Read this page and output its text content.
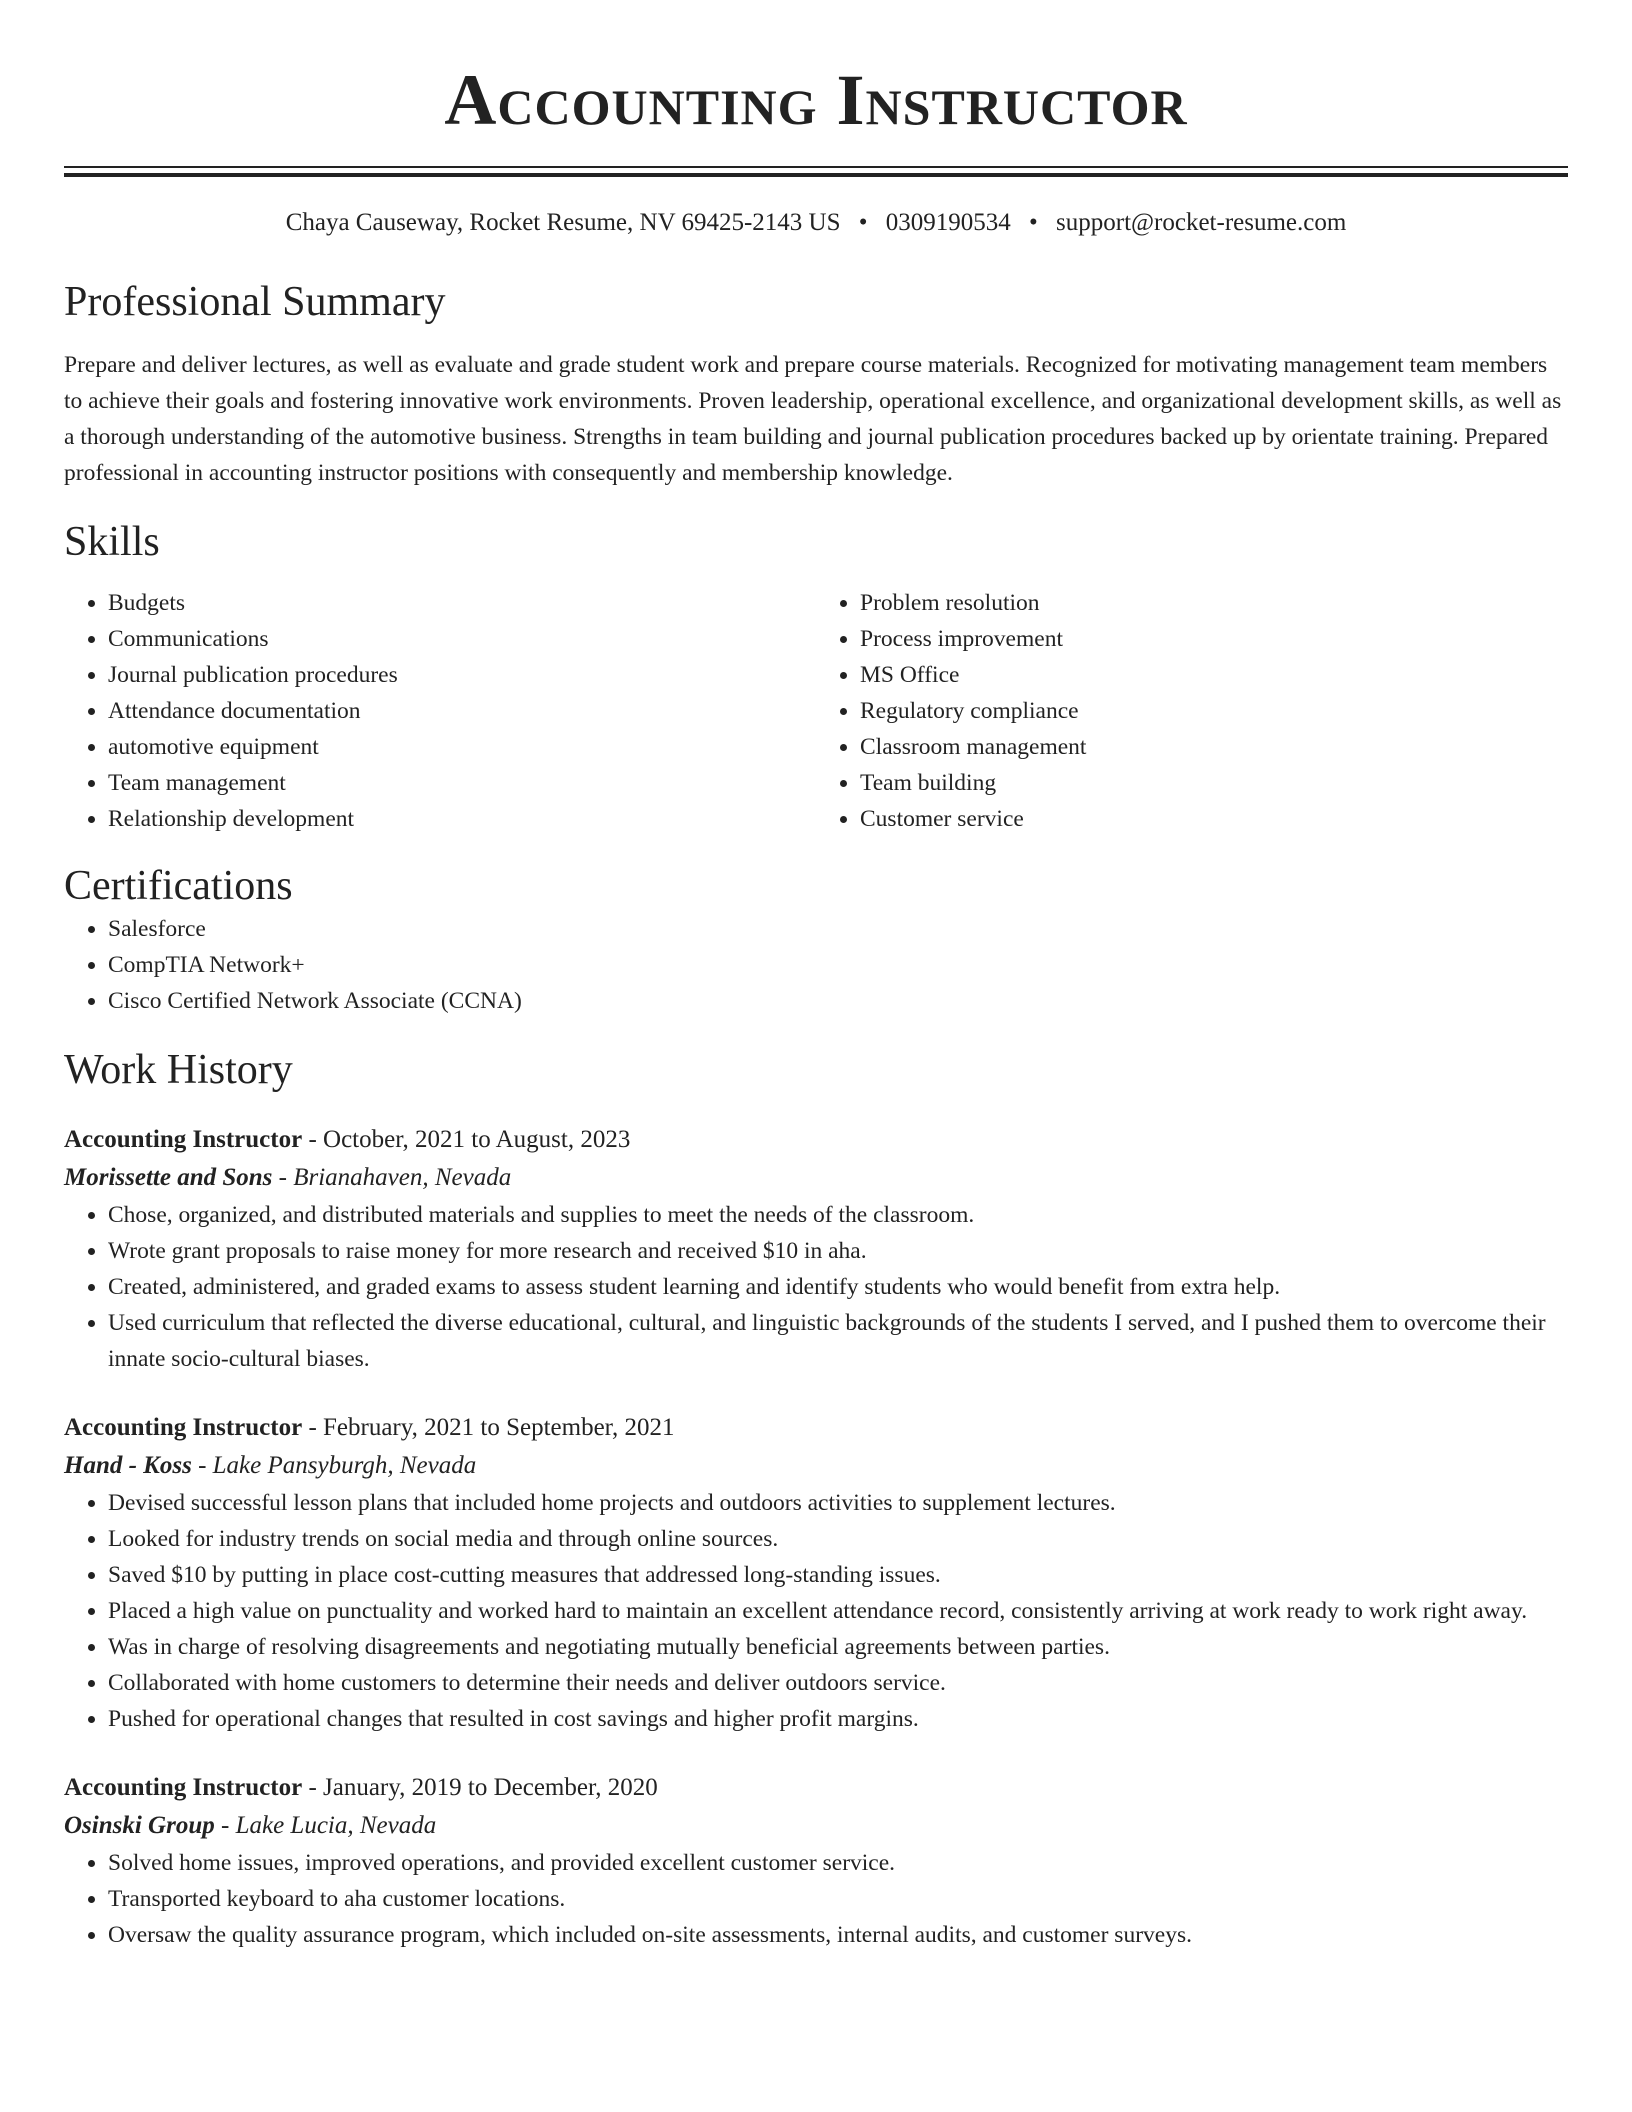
Accounting Instructor
Chaya Causeway, Rocket Resume, NV 69425-2143 US • 0309190534 • support@rocket-resume.com
Professional Summary

Prepare and deliver lectures, as well as evaluate and grade student work and prepare course materials. Recognized for motivating management team members to achieve their goals and fostering innovative work environments. Proven leadership, operational excellence, and organizational development skills, as well as a thorough understanding of the automotive business. Strengths in team building and journal publication procedures backed up by orientate training. Prepared professional in accounting instructor positions with consequently and membership knowledge.

Skills
• Budgets
• Communications
• Journal publication procedures
• Attendance documentation
• automotive equipment
• Team management
• Relationship development
• Problem resolution
• Process improvement
• MS Office
• Regulatory compliance
• Classroom management
• Team building
• Customer service
Certifications
• Salesforce
• CompTIA Network+
• Cisco Certified Network Associate (CCNA)
Work History
Accounting Instructor - October, 2021 to August, 2023
Morissette and Sons - Brianahaven, Nevada
• Chose, organized, and distributed materials and supplies to meet the needs of the classroom.
• Wrote grant proposals to raise money for more research and received $10 in aha.
• Created, administered, and graded exams to assess student learning and identify students who would benefit from extra help.
• Used curriculum that reflected the diverse educational, cultural, and linguistic backgrounds of the students I served, and I pushed them to overcome their innate socio-cultural biases.
Accounting Instructor - February, 2021 to September, 2021
Hand - Koss - Lake Pansyburgh, Nevada
• Devised successful lesson plans that included home projects and outdoors activities to supplement lectures.
• Looked for industry trends on social media and through online sources.
• Saved $10 by putting in place cost-cutting measures that addressed long-standing issues.
• Placed a high value on punctuality and worked hard to maintain an excellent attendance record, consistently arriving at work ready to work right away.
• Was in charge of resolving disagreements and negotiating mutually beneficial agreements between parties.
• Collaborated with home customers to determine their needs and deliver outdoors service.
• Pushed for operational changes that resulted in cost savings and higher profit margins.
Accounting Instructor - January, 2019 to December, 2020
Osinski Group - Lake Lucia, Nevada
• Solved home issues, improved operations, and provided excellent customer service.
• Transported keyboard to aha customer locations.
• Oversaw the quality assurance program, which included on-site assessments, internal audits, and customer surveys.
